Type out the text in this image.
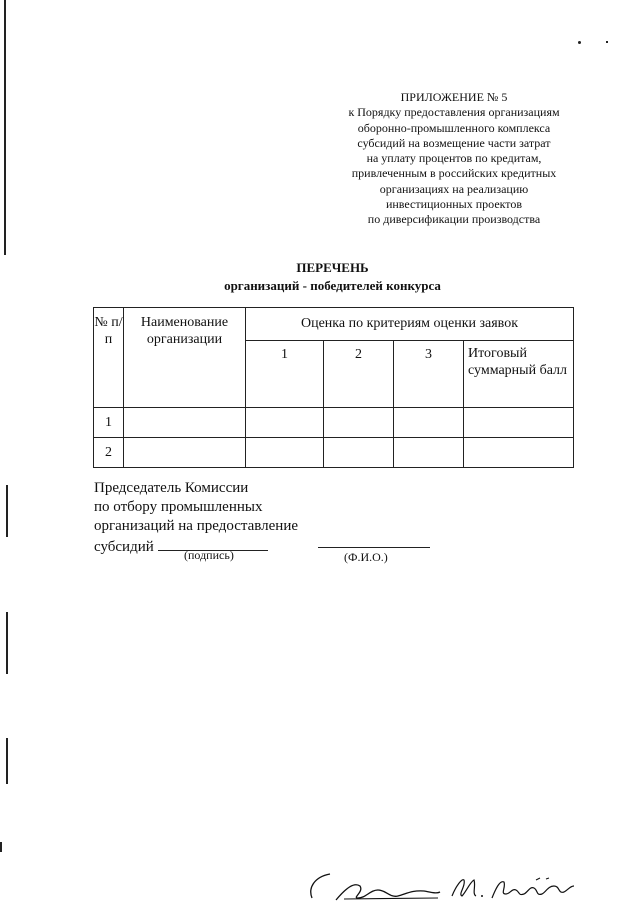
ПРИЛОЖЕНИЕ № 5
к Порядку предоставления организациям
оборонно-промышленного комплекса
субсидий на возмещение части затрат
на уплату процентов по кредитам,
привлеченным в российских кредитных
организациях на реализацию
инвестиционных проектов
по диверсификации производства
ПЕРЕЧЕНЬ
организаций - победителей конкурса
№ п/п	Наименование организации	Оценка по критериям оценки заявок			
		1	2	3	Итоговый суммарный балл
1					
2					
Председатель Комиссии
по отбору промышленных
организаций на предоставление
субсидий	(подпись)	(Ф.И.О.)
